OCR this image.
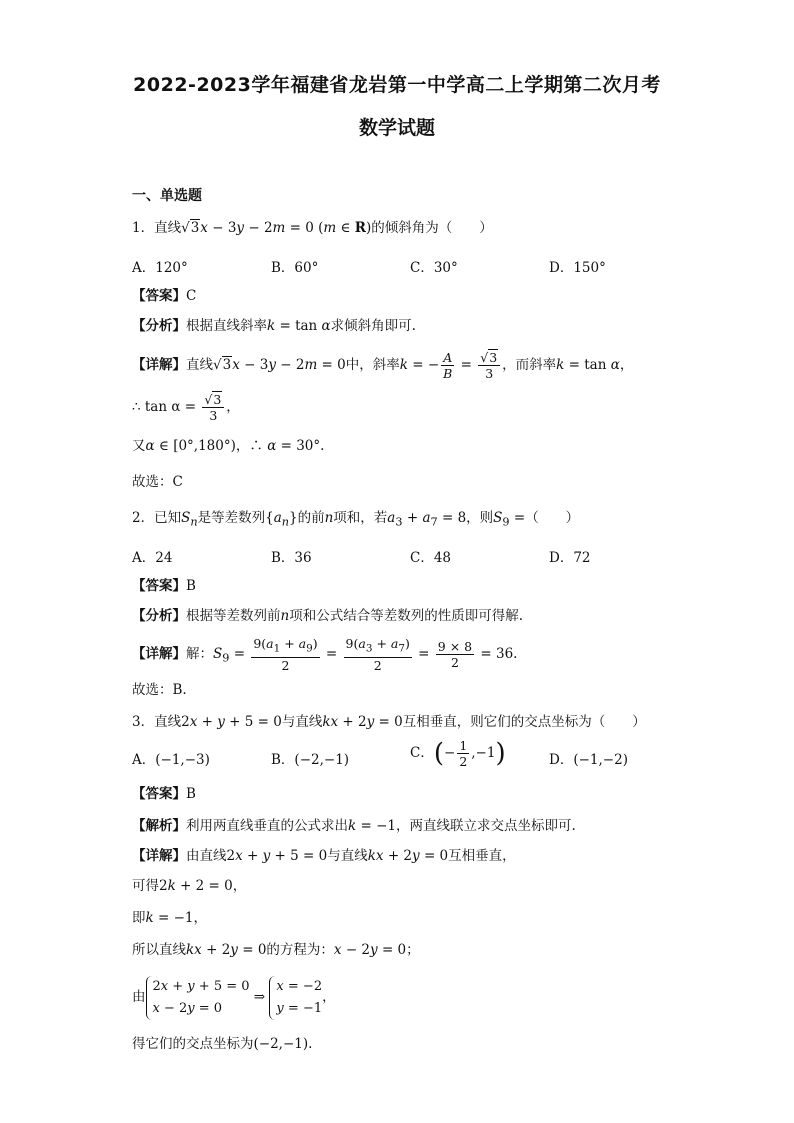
2022-2023学年福建省龙岩第一中学高二上学期第二次月考
数学试题
一、单选题
1．直线√3x − 3y − 2m = 0 (m ∈ R)的倾斜角为（　　）
A．120°	B．60°	C．30°	D．150°
【答案】C
【分析】根据直线斜率k = tan α求倾斜角即可.
【详解】直线√3x − 3y − 2m = 0中，斜率k = − $\frac{A}{B} = \frac{√3}{3}$ ，而斜率k = tan α，
∴ $\tan \alpha = \frac{√3}{3}$ ，
又α ∈ [0°,180°)，∴ α = 30°.
故选：C
2．已知$S_n$是等差数列$\{a_n\}$的前n项和，若$a_3 + a_7 = 8$，则$S_9$ =（　　）
A．24	B．36	C．48	D．72
【答案】B
【分析】根据等差数列前n项和公式结合等差数列的性质即可得解.
【详解】解：$S_9 = \frac{9(a_1 + a_9)}{2} = \frac{9(a_3 + a_7)}{2} = \frac{9 \times 8}{2} = 36$.
故选：B.
3．直线2x + y + 5 = 0与直线kx + 2y = 0互相垂直，则它们的交点坐标为（　　）
A．(−1,−3)	B．(−2,−1)	C．(− $\frac{1}{2} ,-1$)	D．(−1,−2)
【答案】B
【解析】利用两直线垂直的公式求出k = −1，两直线联立求交点坐标即可.
【详解】由直线2x + y + 5 = 0与直线kx + 2y = 0互相垂直，
可得2k + 2 = 0，
即k = −1，
所以直线kx + 2y = 0的方程为：x − 2y = 0；
由2x + y + 5 = 0
x − 2y = 0 ⇒ x = −2
y = −1，
得它们的交点坐标为(−2,−1).
